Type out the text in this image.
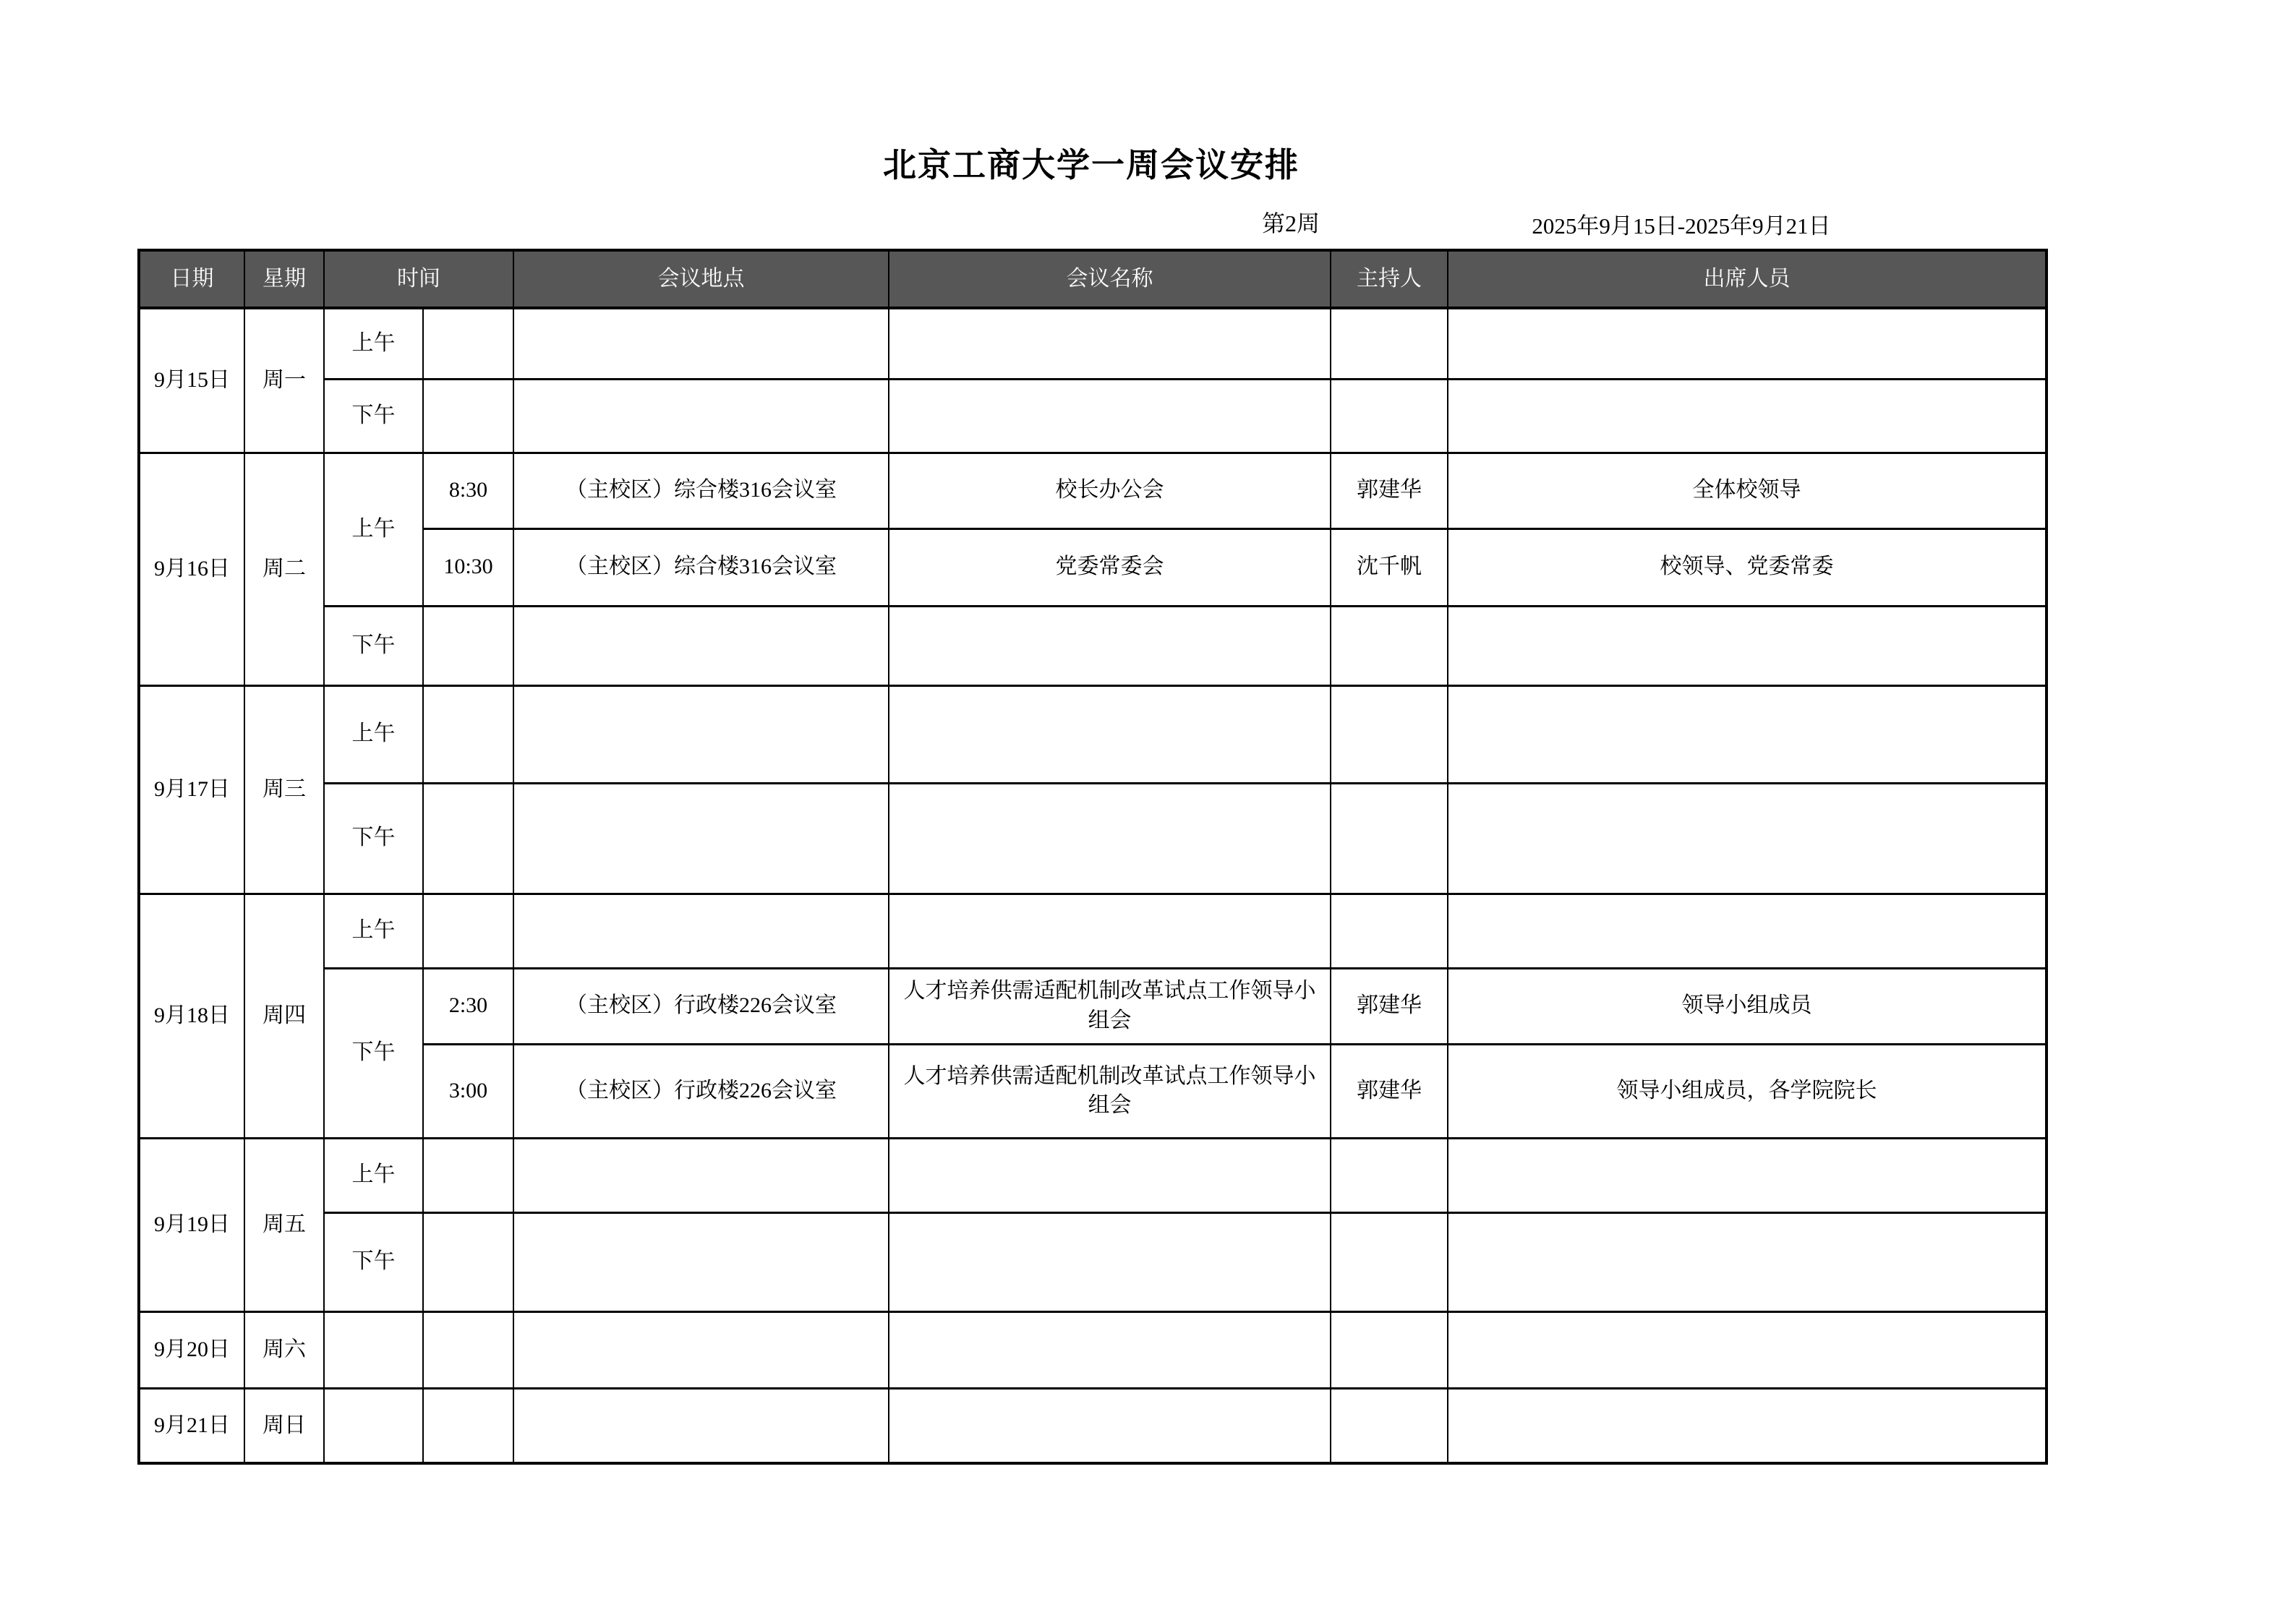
北京工商大学一周会议安排
第2周	2025年9月15日-2025年9月21日
日期	星期	时间		会议地点	会议名称	主持人	出席人员
9月15日	周一	上午					
		下午					
9月16日	周二	上午	8:30	（主校区）综合楼316会议室	校长办公会	郭建华	全体校领导
			10:30	（主校区）综合楼316会议室	党委常委会	沈千帆	校领导、党委常委
		下午					
9月17日	周三	上午					
		下午					
9月18日	周四	上午					
		下午	2:30	（主校区）行政楼226会议室	人才培养供需适配机制改革试点工作领导小组会	郭建华	领导小组成员
			3:00	（主校区）行政楼226会议室	人才培养供需适配机制改革试点工作领导小组会	郭建华	领导小组成员，各学院院长
9月19日	周五	上午					
		下午					
9月20日	周六						
9月21日	周日						
